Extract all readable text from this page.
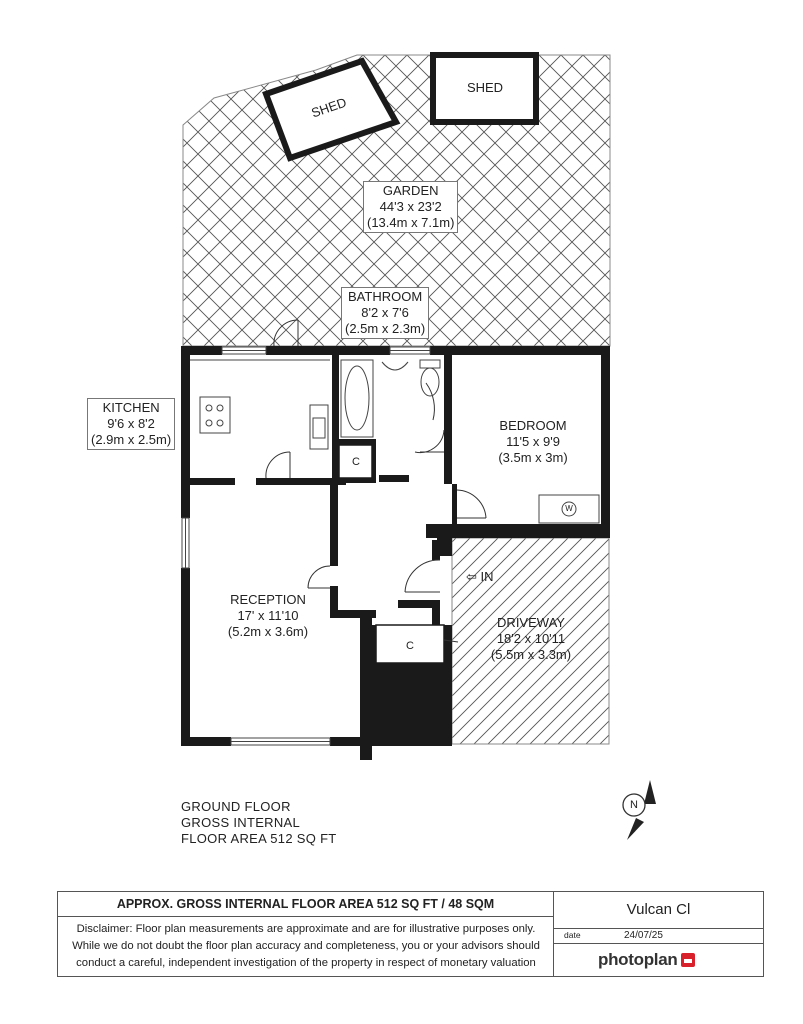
SHED
SHED
GARDEN
44'3 x 23'2
(13.4m x 7.1m)
BATHROOM
8'2 x 7'6
(2.5m x 2.3m)
KITCHEN
9'6 x 8'2
(2.9m x 2.5m)
BEDROOM
11'5 x 9'9
(3.5m x 3m)
RECEPTION
17' x 11'10
(5.2m x 3.6m)
DRIVEWAY
18'2 x 10'11
(5.5m x 3.3m)
C
C
W
⇦ IN
N
GROUND FLOOR
GROSS INTERNAL
FLOOR AREA 512 SQ FT
APPROX. GROSS INTERNAL FLOOR AREA 512 SQ FT / 48 SQM
Disclaimer: Floor plan measurements are approximate and are for illustrative purposes only.
While we do not doubt the floor plan accuracy and completeness, you or your advisors should
conduct a careful, independent investigation of the property in respect of monetary valuation
Vulcan Cl
date	24/07/25
photoplan
